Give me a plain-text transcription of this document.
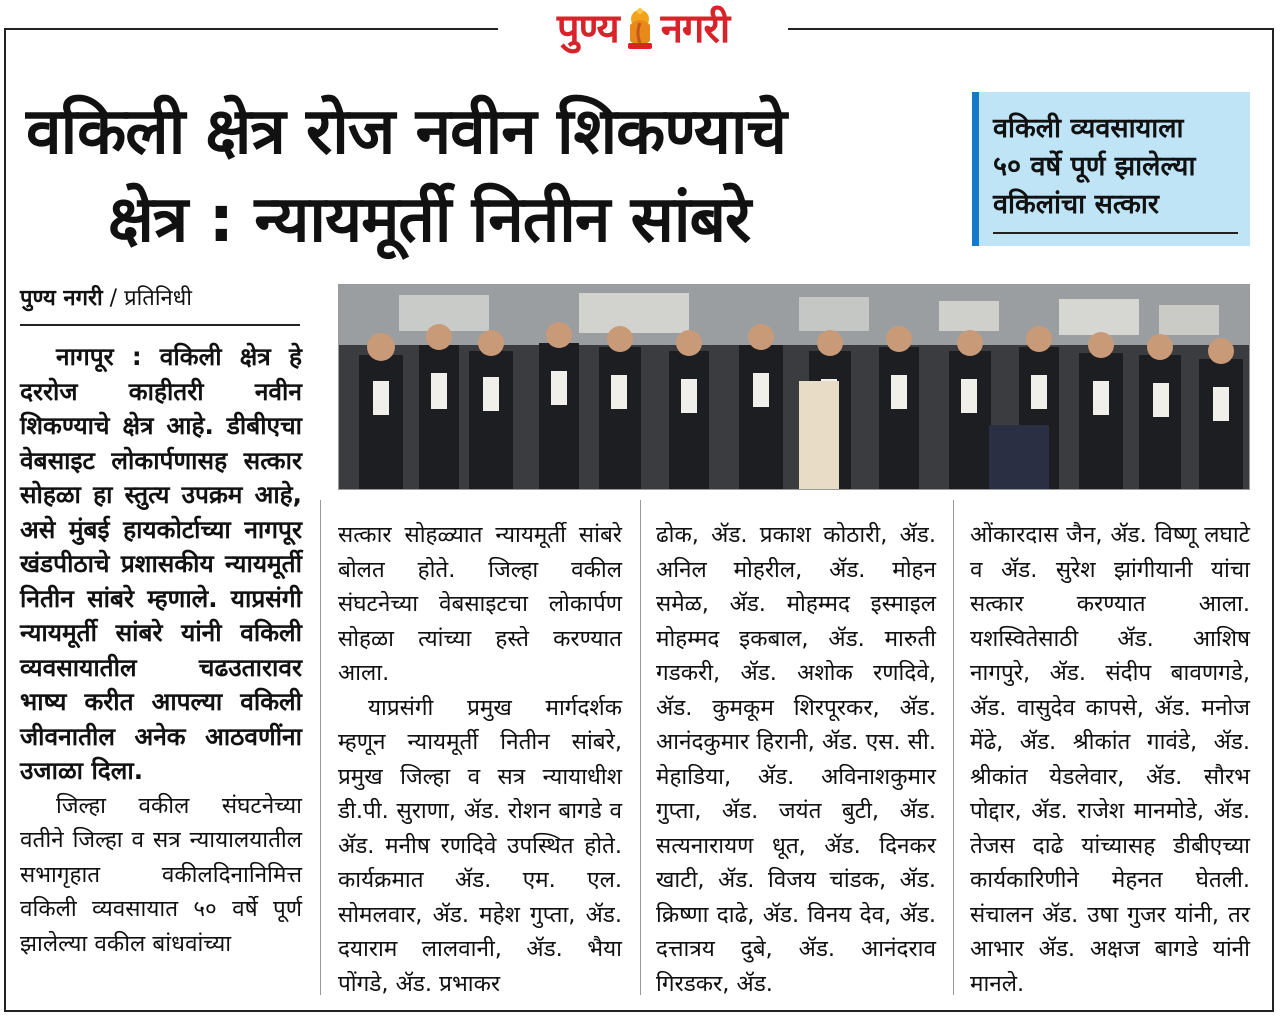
पुण्य नगरी
वकिली क्षेत्र रोज नवीन शिकण्याचे
क्षेत्र : न्यायमूर्ती नितीन सांबरे
वकिली व्यवसायाला
५० वर्षे पूर्ण झालेल्या
वकिलांचा सत्कार
पुण्य नगरी / प्रतिनिधी

नागपूर : वकिली क्षेत्र हे दररोज काहीतरी नवीन शिकण्याचे क्षेत्र आहे. डीबीएचा वेबसाइट लोकार्पणासह सत्कार सोहळा हा स्तुत्य उपक्रम आहे, असे मुंबई हायकोर्टाच्या नागपूर खंडपीठाचे प्रशासकीय न्यायमूर्ती नितीन सांबरे म्हणाले. याप्रसंगी न्यायमूर्ती सांबरे यांनी वकिली व्यवसायातील चढउतारावर भाष्य करीत आपल्या वकिली जीवनातील अनेक आठवणींना उजाळा दिला.

जिल्हा वकील संघटनेच्या वतीने जिल्हा व सत्र न्यायालयातील सभागृहात वकीलदिनानिमित्त वकिली व्यवसायात ५० वर्षे पूर्ण झालेल्या वकील बांधवांच्या

सत्कार सोहळ्यात न्यायमूर्ती सांबरे बोलत होते. जिल्हा वकील संघटनेच्या वेबसाइटचा लोकार्पण सोहळा त्यांच्या हस्ते करण्यात आला.

याप्रसंगी प्रमुख मार्गदर्शक म्हणून न्यायमूर्ती नितीन सांबरे, प्रमुख जिल्हा व सत्र न्यायाधीश डी.पी. सुराणा, ॲड. रोशन बागडे व ॲड. मनीष रणदिवे उपस्थित होते. कार्यक्रमात ॲड. एम. एल. सोमलवार, ॲड. महेश गुप्ता, ॲड. दयाराम लालवानी, ॲड. भैया पोंगडे, ॲड. प्रभाकर

ढोक, ॲड. प्रकाश कोठारी, ॲड. अनिल मोहरील, ॲड. मोहन समेळ, ॲड. मोहम्मद इस्माइल मोहम्मद इकबाल, ॲड. मारुती गडकरी, ॲड. अशोक रणदिवे, ॲड. कुमकूम शिरपूरकर, ॲड. आनंदकुमार हिरानी, ॲड. एस. सी. मेहाडिया, ॲड. अविनाशकुमार गुप्ता, ॲड. जयंत बुटी, ॲड. सत्यनारायण धूत, ॲड. दिनकर खाटी, ॲड. विजय चांडक, ॲड. क्रिष्णा दाढे, ॲड. विनय देव, ॲड. दत्तात्रय दुबे, ॲड. आनंदराव गिरडकर, ॲड.

ओंकारदास जैन, ॲड. विष्णू लघाटे व ॲड. सुरेश झांगीयानी यांचा सत्कार करण्यात आला. यशस्वितेसाठी ॲड. आशिष नागपुरे, ॲड. संदीप बावणगडे, ॲड. वासुदेव कापसे, ॲड. मनोज मेंढे, ॲड. श्रीकांत गावंडे, ॲड. श्रीकांत येडलेवार, ॲड. सौरभ पोद्दार, ॲड. राजेश मानमोडे, ॲड. तेजस दाढे यांच्यासह डीबीएच्या कार्यकारिणीने मेहनत घेतली. संचालन ॲड. उषा गुजर यांनी, तर आभार ॲड. अक्षज बागडे यांनी मानले.
